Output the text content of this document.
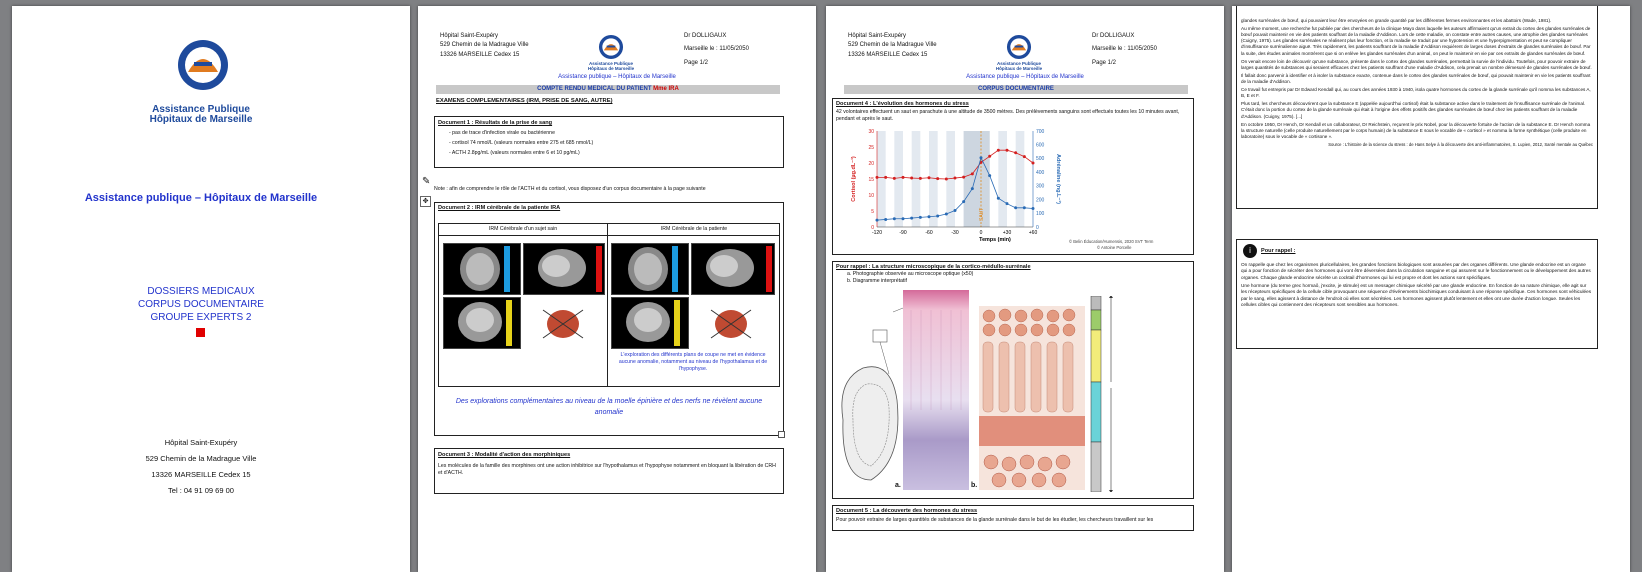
Assistance Publique
Hôpitaux de Marseille
Assistance publique – Hôpitaux de Marseille
DOSSIERS MEDICAUX
CORPUS DOCUMENTAIRE
GROUPE EXPERTS 2
Hôpital Saint-Exupéry
529 Chemin de la Madrague Ville
13326 MARSEILLE Cedex 15
Tel : 04 91 09 69 00
Hôpital Saint-Exupéry
529 Chemin de la Madrague Ville
13326 MARSEILLE Cedex 15
Assistance Publique
Hôpitaux de Marseille
Dr DOLLIGAUX
Marseille le : 11/05/2050
Page 1/2
Assistance publique – Hôpitaux de Marseille
COMPTE RENDU MEDICAL DU PATIENT Mme IRA
EXAMENS COMPLEMENTAIRES (IRM, PRISE DE SANG, AUTRE)
Document 1 : Résultats de la prise de sang
- pas de trace d'infection virale ou bactérienne
- cortisol 74 nmol/L (valeurs normales entre 275 et 685 nmol/L)
- ACTH 2.8pg/mL (valeurs normales entre 6 et 10 pg/mL)
✎
Note : afin de comprendre le rôle de l'ACTH et du cortisol, vous disposez d'un corpus documentaire à la page suivante
✥
Document 2 : IRM cérébrale de la patiente IRA
IRM Cérébrale d'un sujet sain	IRM Cérébrale de la patiente
L'exploration des différents plans de coupe ne met en évidence aucune anomalie, notamment au niveau de l'hypothalamus et de l'hypophyse.
Des explorations complémentaires au niveau de la moelle épinière et des nerfs ne révèlent aucune anomalie
Document 3 : Modalité d'action des morphiniques
Les molécules de la famille des morphines ont une action inhibitrice sur l'hypothalamus et l'hypophyse notamment en bloquant la libération de CRH et d'ACTH.
Hôpital Saint-Exupéry
529 Chemin de la Madrague Ville
13326 MARSEILLE Cedex 15
Assistance Publique
Hôpitaux de Marseille
Dr DOLLIGAUX
Marseille le : 11/05/2050
Page 1/2
Assistance publique – Hôpitaux de Marseille
CORPUS DOCUMENTAIRE
Document 4 : L'évolution des hormones du stress
42 volontaires effectuent un saut en parachute à une altitude de 3500 mètres. Des prélèvements sanguins sont effectués toutes les 10 minutes avant, pendant et après le saut.
SAUT
-120	-90	-60	-30	0	+30	+60
Temps (min)
0
5
10
15
20
25
30
0
100
200
300
400
500
600
700
Cortisol (µg.dL⁻¹)	Adrénaline (ng.L⁻¹)
© Belin Éducation/Humensis, 2020 SVT Term
© Antoine Porcelle
Pour rappel : La structure microscopique de la cortico-médullo-surrénale
a. Photographie observée au microscope optique (x50)
b. Diagramme interprétatif
a.	b.
Document 5 : La découverte des hormones du stress
Pour pouvoir extraire de larges quantités de substances de la glande surrénale dans le but de les étudier, les chercheurs travaillent sur les

glandes surrénales de bœuf, qui pouvaient leur être envoyées en grande quantité par les différentes fermes environnantes et les abattoirs (Wade, 1981).

Au même moment, une recherche fut publiée par des chercheurs de la clinique Mayo dans laquelle les auteurs affirmaient qu'un extrait du cortex des glandes surrénales de bœuf pouvait maintenir en vie des patients souffrant de la maladie d'Addison. Lors de cette maladie, on constate entre autres causes, une atrophie des glandes surrénales (Cuigny, 1975). Les glandes surrénales ne réalisent plus leur fonction, et la maladie se traduit par une hypotension et une hyperpigmentation et peut se compliquer d'insuffisance surrénalienne aiguë. Très rapidement, les patients souffrant de la maladie d'Addison requièrent de larges doses d'extraits de glandes surrénales de bœuf. Par la suite, des études animales montrèrent que si on enlève les glandes surrénales d'un animal, on peut le maintenir en vie par ces extraits de glandes surrénales de bœuf.

On venait encore loin de découvrir qu'une substance, présente dans le cortex des glandes surrénales, permettait la survie de l'individu. Toutefois, pour pouvoir extraire de larges quantités de substances qui seraient efficaces chez les patients souffrant d'une maladie d'Addison, cela prenait un nombre démesuré de glandes surrénales de bœuf.

Il fallait donc parvenir à identifier et à isoler la substance exacte, contenue dans le cortex des glandes surrénales de bœuf, qui pouvait maintenir en vie les patients souffrant de la maladie d'Addison.

Ce travail fut entrepris par Dr Edward Kendall qui, au cours des années 1930 à 1940, isola quatre hormones du cortex de la glande surrénale qu'il nomma les substances A, B, E et F.

Plus tard, les chercheurs découvrirent que la substance E (appelée aujourd'hui cortisol) était la substance active dans le traitement de l'insuffisance surrénale de l'animal. C'était donc la portion du cortex de la glande surrénale qui était à l'origine des effets positifs des glandes surrénales de bœuf chez les patients souffrant de la maladie d'Addison. (Cuigny, 1975). [...]

En octobre 1950, Dr Hench, Dr Kendall et un collaborateur, Dr Reichstein, reçurent le prix Nobel, pour la découverte fortuite de l'action de la substance E. Dr Hench nomma la structure naturelle (celle produite naturellement par le corps humain) de la substance E sous le vocable de « cortisol » et nomma la forme synthétique (celle produite en laboratoire) sous le vocable de « cortisone ».

Source : L'histoire de la science du stress : de Hans Selye à la découverte des anti-inflammatoires, S. Lupien, 2012, Santé mentale au Québec

i	Pour rappel :

On rappelle que chez les organismes pluricellulaires, les grandes fonctions biologiques sont assurées par des organes différents. Une glande endocrine est un organe qui a pour fonction de sécréter des hormones qui vont être déversées dans la circulation sanguine et qui assurent sur le fonctionnement ou le développement des autres organes. Chaque glande endocrine sécrète un cocktail d'hormones qui lui est propre et dont les actions sont spécifiques.

Une hormone (du terme grec hormaô, j'excite, je stimule) est un messager chimique sécrété par une glande endocrine. En fonction de sa nature chimique, elle agit sur les récepteurs spécifiques de la cellule cible provoquant une séquence d'événements biochimiques conduisant à une réponse spécifique. Ces hormones sont véhiculées par le sang, elles agissent à distance de l'endroit où elles sont sécrétées. Les hormones agissent plutôt lentement et elles ont une durée d'action longue. Seules les cellules cibles qui contiennent des récepteurs sont sensibles aux hormones.
